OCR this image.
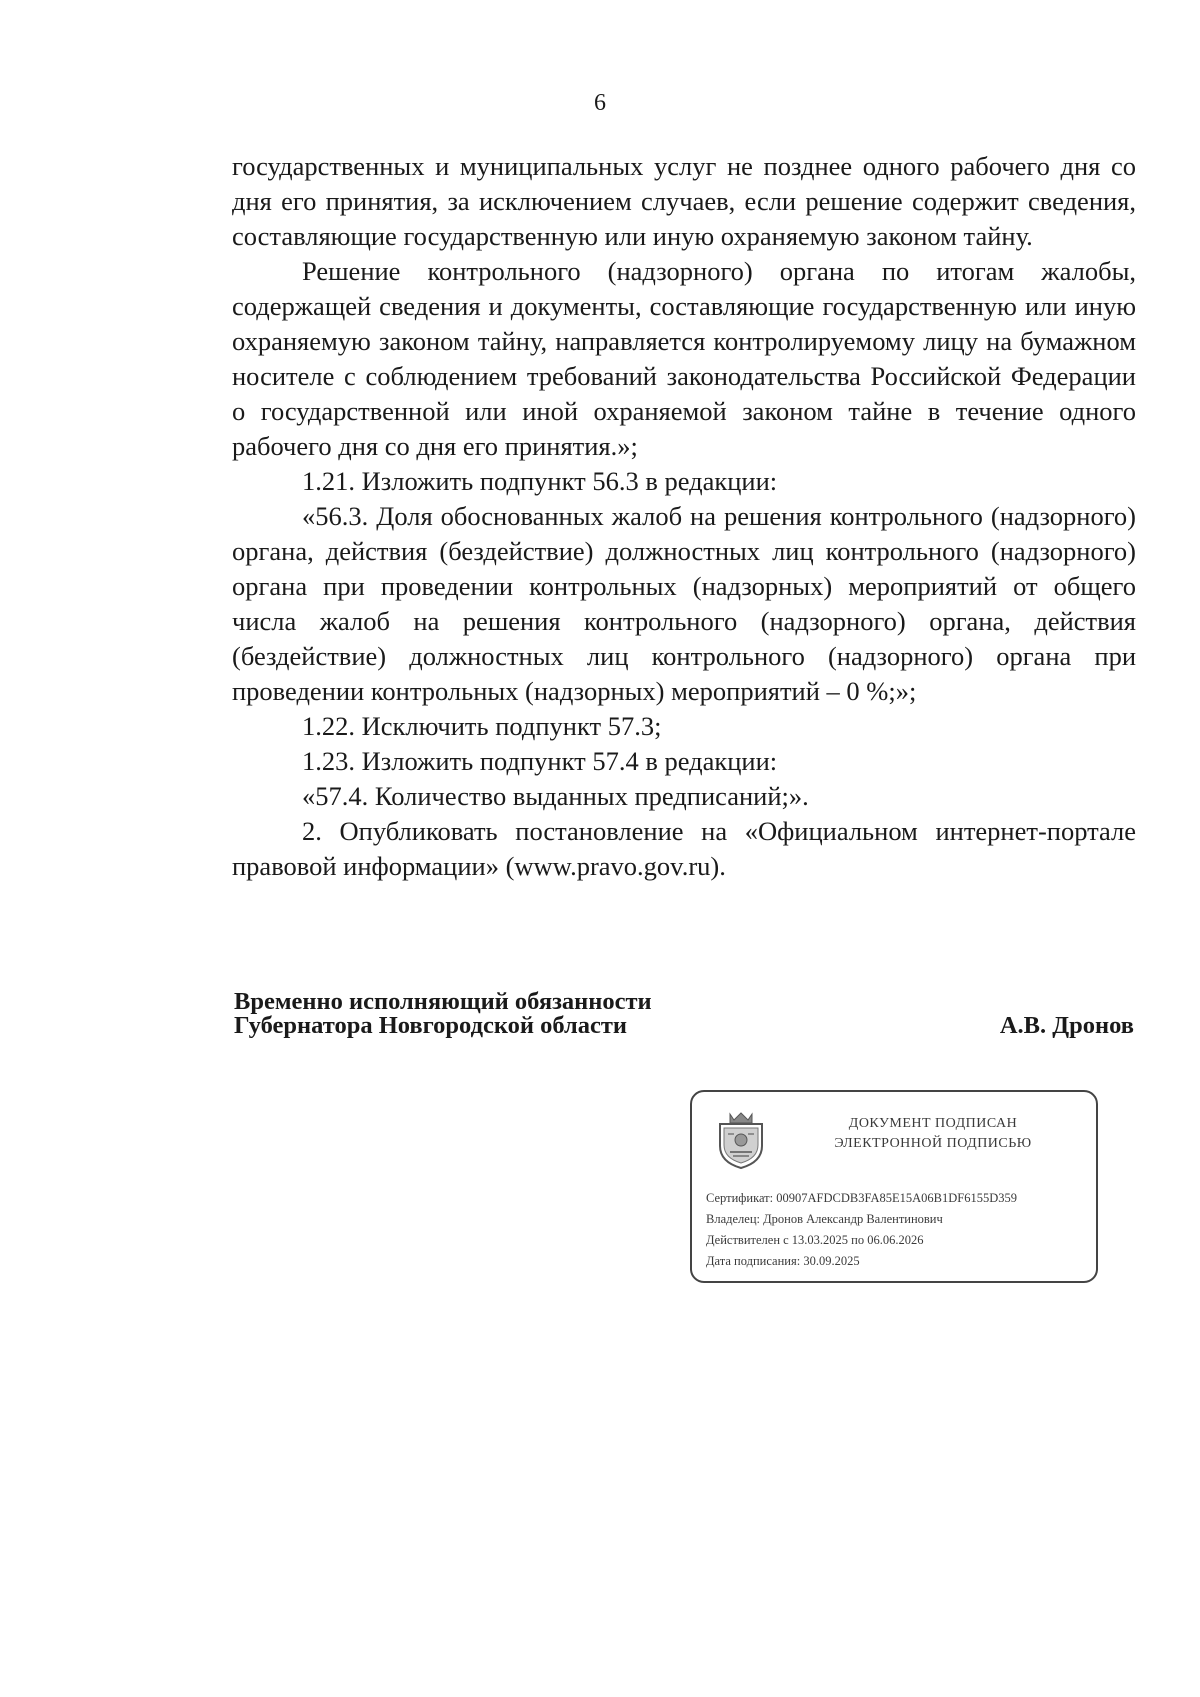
6

государственных и муниципальных услуг не позднее одного рабочего дня со дня его принятия, за исключением случаев, если решение содержит сведения, составляющие государственную или иную охраняемую законом тайну.

Решение контрольного (надзорного) органа по итогам жалобы, содержащей сведения и документы, составляющие государственную или иную охраняемую законом тайну, направляется контролируемому лицу на бумажном носителе с соблюдением требований законодательства Российской Федерации о государственной или иной охраняемой законом тайне в течение одного рабочего дня со дня его принятия.»;

1.21. Изложить подпункт 56.3 в редакции:

«56.3. Доля обоснованных жалоб на решения контрольного (надзорного) органа, действия (бездействие) должностных лиц контрольного (надзорного) органа при проведении контрольных (надзорных) мероприятий от общего числа жалоб на решения контрольного (надзорного) органа, действия (бездействие) должностных лиц контрольного (надзорного) органа при проведении контрольных (надзорных) мероприятий – 0 %;»;

1.22. Исключить подпункт 57.3;

1.23. Изложить подпункт 57.4 в редакции:

«57.4. Количество выданных предписаний;».

2. Опубликовать постановление на «Официальном интернет-портале правовой информации» (www.pravo.gov.ru).

Временно исполняющий обязанности
Губернатора Новгородской области	А.В. Дронов
ДОКУМЕНТ ПОДПИСАН
ЭЛЕКТРОННОЙ ПОДПИСЬЮ
Сертификат: 00907AFDCDB3FA85E15A06B1DF6155D359
Владелец: Дронов Александр Валентинович
Действителен с 13.03.2025 по 06.06.2026
Дата подписания: 30.09.2025
